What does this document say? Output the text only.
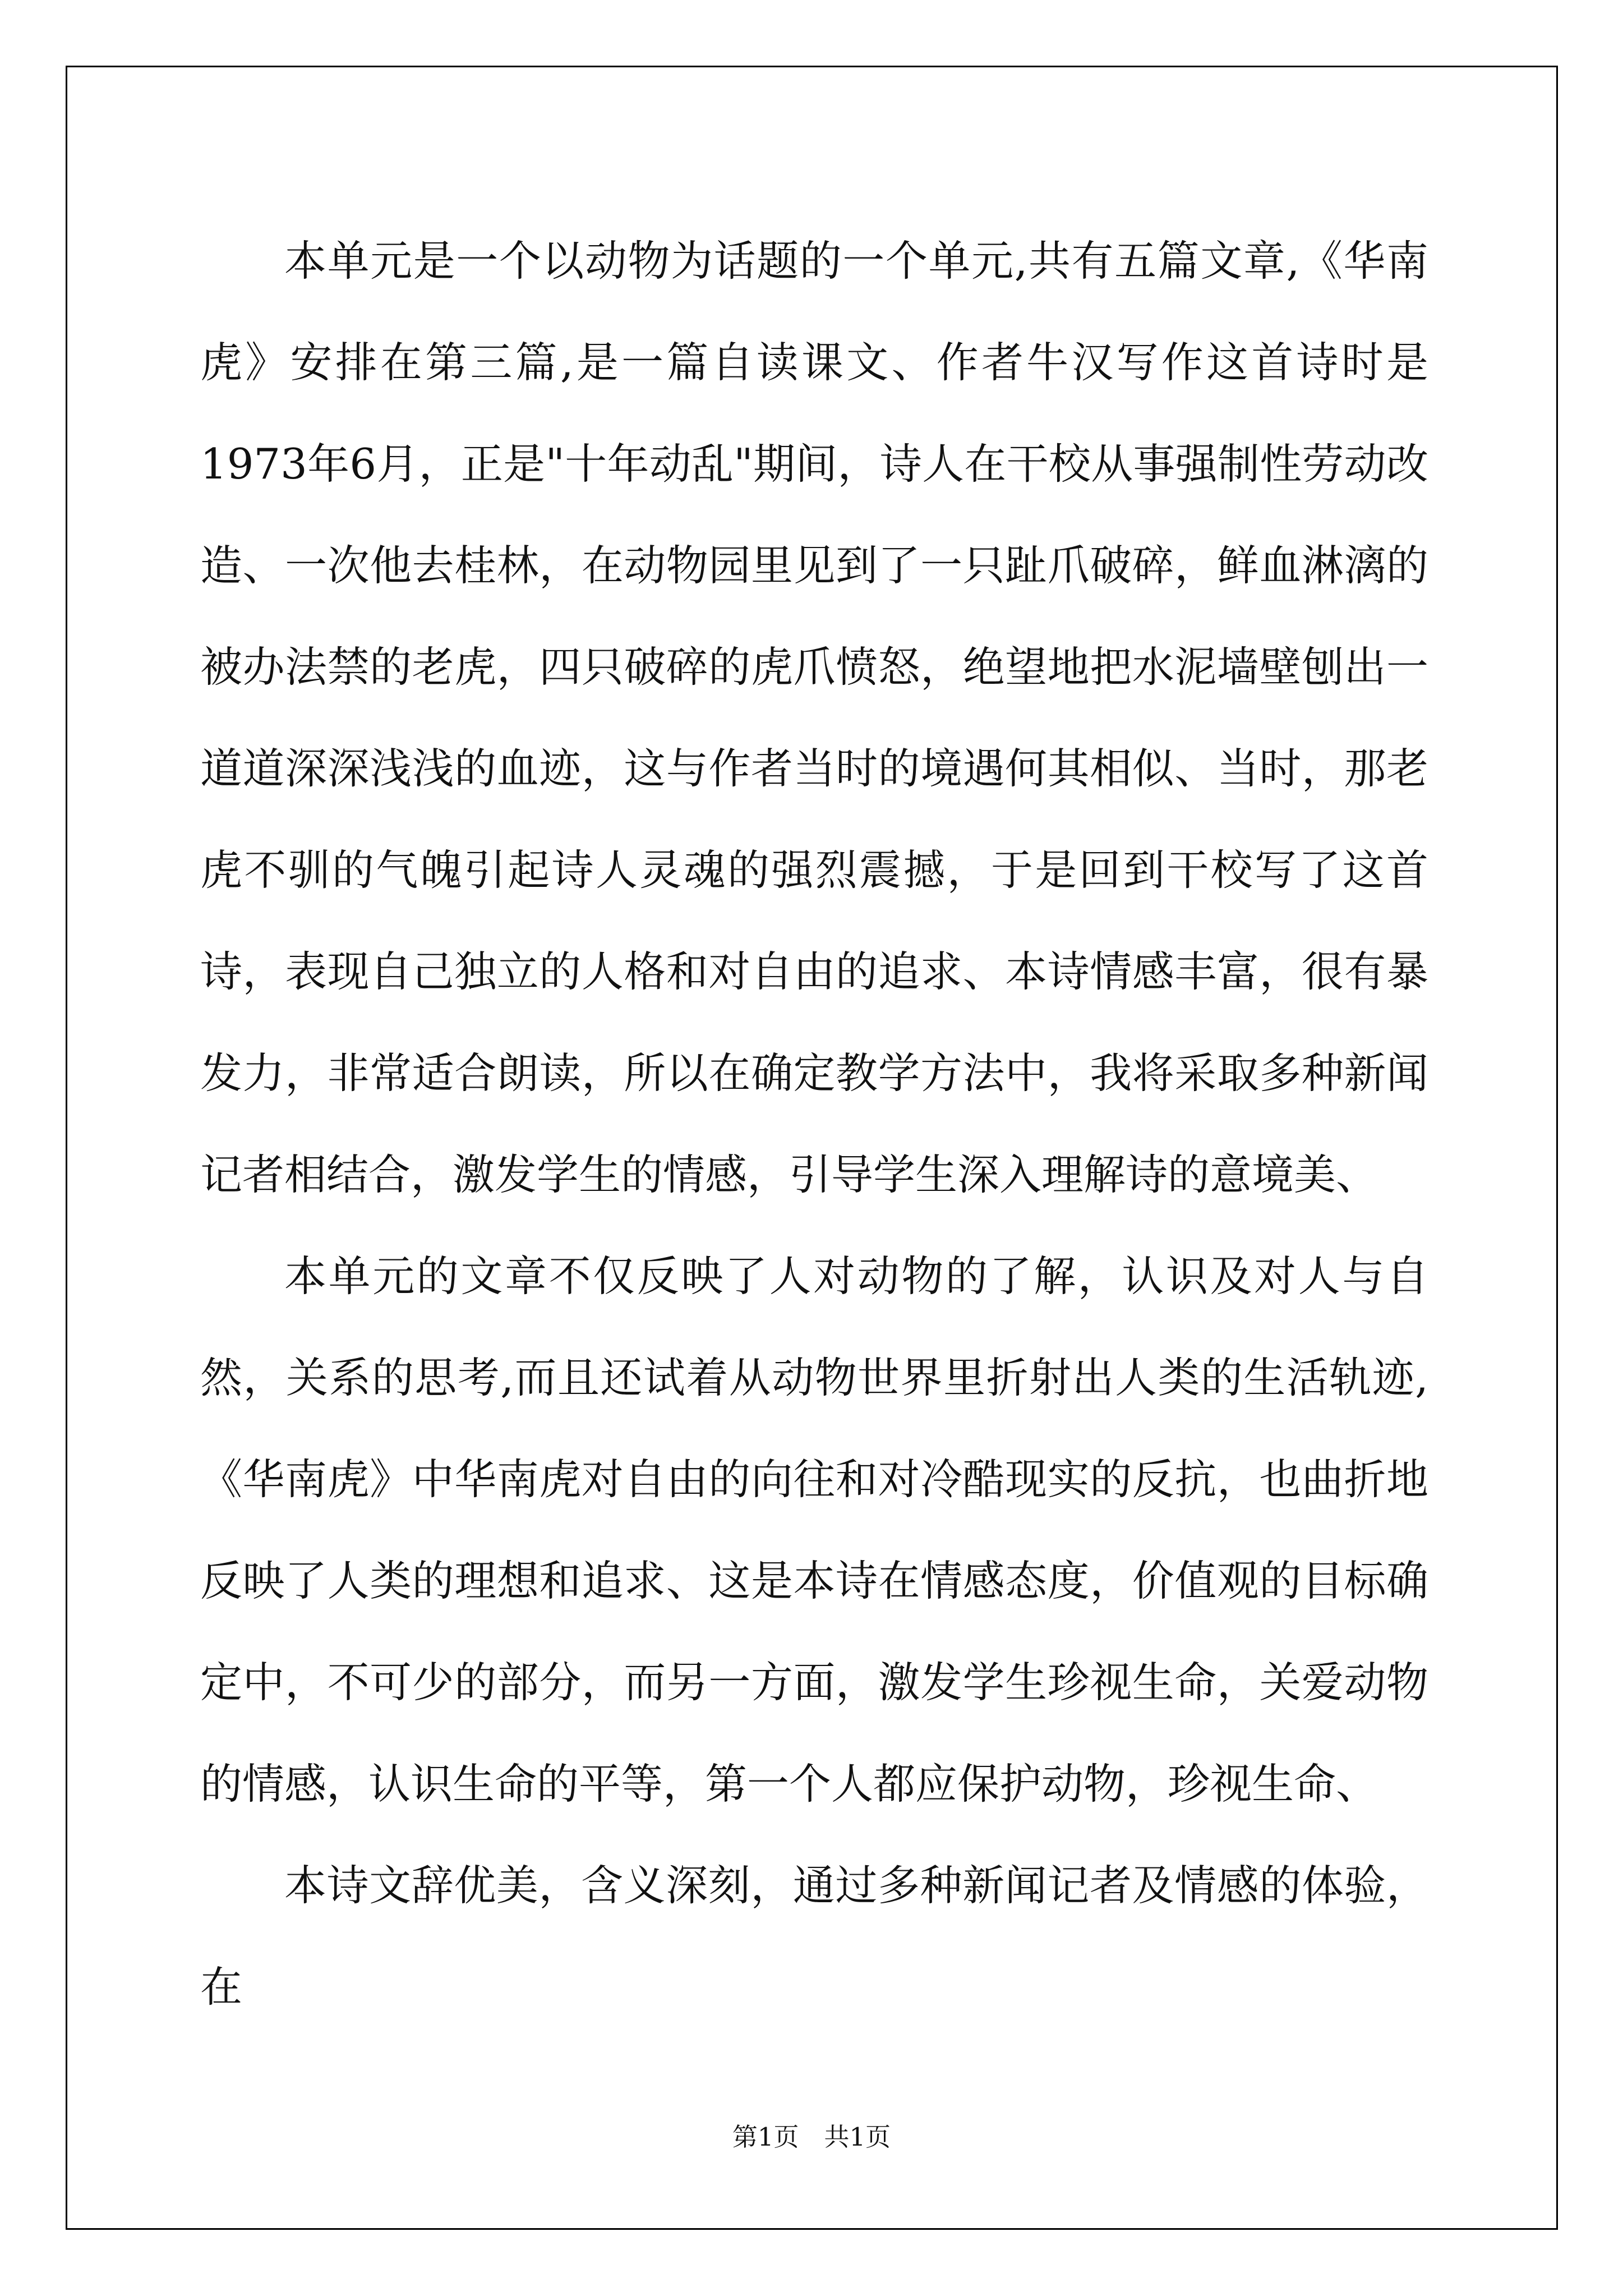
本单元是一个以动物为话题的一个单元,共有五篇文章,《华南虎》安排在第三篇,是一篇自读课文、作者牛汉写作这首诗时是1973年6月，正是"十年动乱"期间，诗人在干校从事强制性劳动改造、一次他去桂林，在动物园里见到了一只趾爪破碎，鲜血淋漓的被办法禁的老虎，四只破碎的虎爪愤怒，绝望地把水泥墙壁刨出一道道深深浅浅的血迹，这与作者当时的境遇何其相似、当时，那老虎不驯的气魄引起诗人灵魂的强烈震撼，于是回到干校写了这首诗，表现自己独立的人格和对自由的追求、本诗情感丰富，很有暴发力，非常适合朗读，所以在确定教学方法中，我将采取多种新闻记者相结合，激发学生的情感，引导学生深入理解诗的意境美、

本单元的文章不仅反映了人对动物的了解，认识及对人与自然，关系的思考,而且还试着从动物世界里折射出人类的生活轨迹,《华南虎》中华南虎对自由的向往和对冷酷现实的反抗，也曲折地反映了人类的理想和追求、这是本诗在情感态度，价值观的目标确定中，不可少的部分，而另一方面，激发学生珍视生命，关爱动物的情感，认识生命的平等，第一个人都应保护动物，珍视生命、

本诗文辞优美，含义深刻，通过多种新闻记者及情感的体验，在

第1页 共1页
